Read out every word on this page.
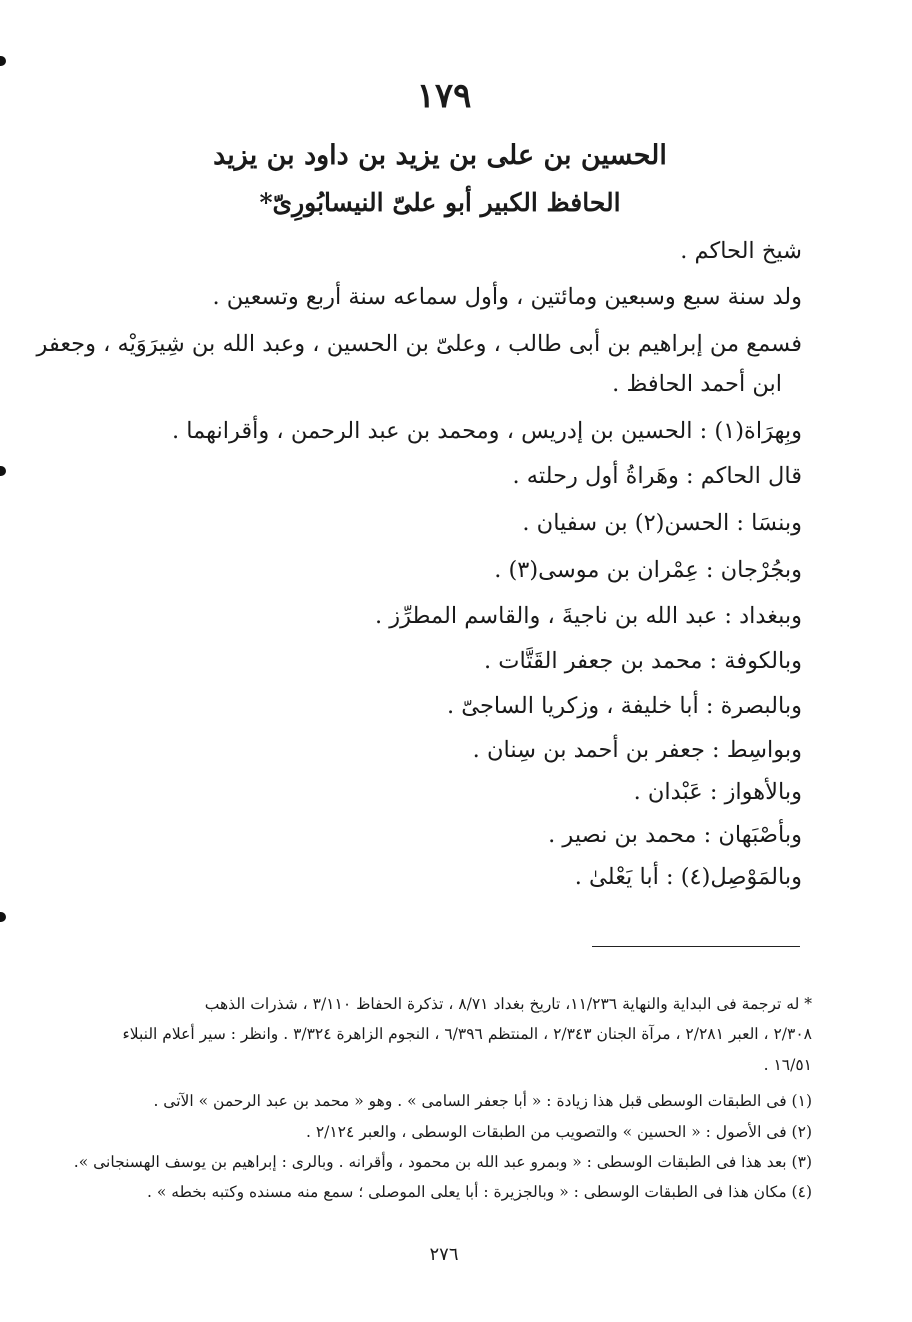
١٧٩
الحسين بن على بن يزيد بن داود بن يزيد
الحافظ الكبير أبو علىّ النيسابُورِىّ*
شيخ الحاكم .
ولد سنة سبع وسبعين ومائتين ، وأول سماعه سنة أربع وتسعين .
فسمع من إبراهيم بن أبى طالب ، وعلىّ بن الحسين ، وعبد الله بن شِيرَوَيْه ، وجعفر
ابن أحمد الحافظ .
وبِهرَاة(١) : الحسين بن إدريس ، ومحمد بن عبد الرحمن ، وأقرانهما .
قال الحاكم : وهَراةُ أول رحلته .
وبنسَا : الحسن(٢) بن سفيان .
وبجُرْجان : عِمْران بن موسى(٣) .
وببغداد : عبد الله بن ناجيةَ ، والقاسم المطرِّز .
وبالكوفة : محمد بن جعفر القَتَّات .
وبالبصرة : أبا خليفة ، وزكريا الساجىّ .
وبواسِط : جعفر بن أحمد بن سِنان .
وبالأهواز : عَبْدان .
وبأصْبَهان : محمد بن نصير .
وبالمَوْصِل(٤) : أبا يَعْلىٰ .
* له ترجمة فى البداية والنهاية ١١/٢٣٦، تاريخ بغداد ٨/٧١ ، تذكرة الحفاظ ٣/١١٠ ، شذرات الذهب
٢/٣٠٨ ، العبر ٢/٢٨١ ، مرآة الجنان ٢/٣٤٣ ، المنتظم ٦/٣٩٦ ، النجوم الزاهرة ٣/٣٢٤ . وانظر : سير أعلام النبلاء
١٦/٥١ .
(١) فى الطبقات الوسطى قبل هذا زيادة : « أبا جعفر السامى » . وهو « محمد بن عبد الرحمن » الآتى .
(٢) فى الأصول : « الحسين » والتصويب من الطبقات الوسطى ، والعبر ٢/١٢٤ .
(٣) بعد هذا فى الطبقات الوسطى : « وبمرو عبد الله بن محمود ، وأقرانه . وبالرى : إبراهيم بن يوسف الهسنجانى ».
(٤) مكان هذا فى الطبقات الوسطى : « وبالجزيرة : أبا يعلى الموصلى ؛ سمع منه مسنده وكتبه بخطه » .
٢٧٦
